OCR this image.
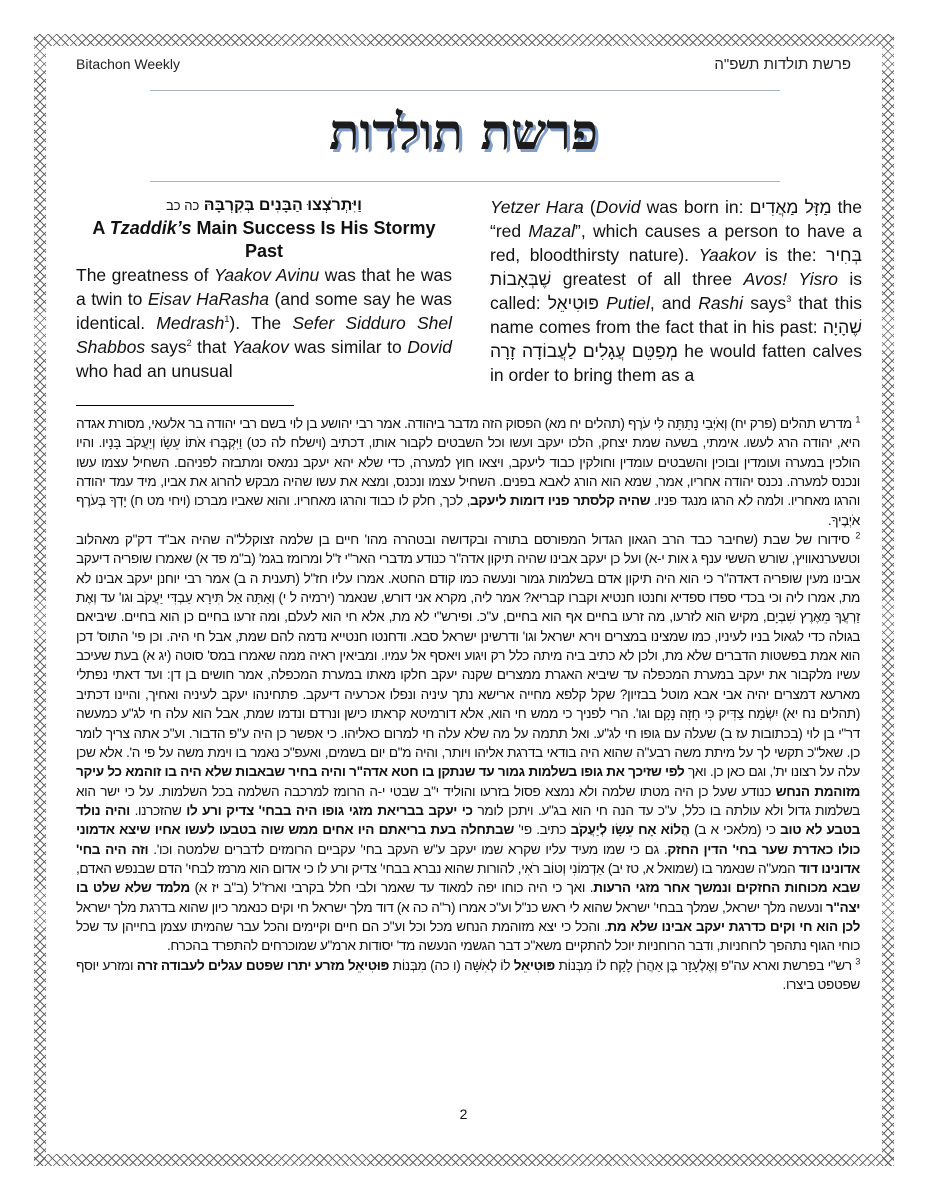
Bitachon Weekly	פרשת תולדות תשפ"ה
פרשת תולדות
וַיִּתְרֹצְצוּ הַבָּנִים בְּקִרְבָּהּ כה כב
A Tzaddik’s Main Success Is His Stormy Past
The greatness of Yaakov Avinu was that he was a twin to Eisav HaRasha (and some say he was identical. Medrash$^1$). The Sefer Sidduro Shel Shabbos says$^2$ that Yaakov was similar to Dovid who had an unusual
Yetzer Hara (Dovid was born in: מַזָּל מַאֲדִים the “red Mazal”, which causes a person to have a red, bloodthirsty nature). Yaakov is the: בְּחִיר שֶׁבְּאָבוֹת greatest of all three Avos! Yisro is called: פּוּטִיאֵל Putiel, and Rashi says$^3$ that this name comes from the fact that in his past: שֶׁהָיָה מְפַטֵּם עֲגָלִים לַעֲבוֹדָה זָרָה he would fatten calves in order to bring them as a

$^1$ מדרש תהלים (פרק יח) וְאֹיְבַי נָתַתָּה לִּי עֹרֶף (תהלים יח מא) הפסוק הזה מדבר ביהודה. אמר רבי יהושע בן לוי בשם רבי יהודה בר אלעאי, מסורת אגדה היא, יהודה הרג לעשו. אימתי, בשעה שמת יצחק, הלכו יעקב ועשו וכל השבטים לקבור אותו, דכתיב (וישלח לה כט) וַיִּקְבְּרוּ אֹתוֹ עֵשָׂו וְיַעֲקֹב בָּנָיו. והיו הולכין במערה ועומדין ובוכין והשבטים עומדין וחולקין כבוד ליעקב, ויצאו חוץ למערה, כדי שלא יהא יעקב נמאס ומתבזה לפניהם. השחיל עצמו עשו ונכנס למערה. נכנס יהודה אחריו, אמר, שמא הוא הורג לאבא בפנים. השחיל עצמו ונכנס, ומצא את עשו שהיה מבקש להרוג את אביו, מיד עמד יהודה והרגו מאחריו. ולמה לא הרגו מנגד פניו. שהיה קלסתר פניו דומות ליעקב, לכך, חלק לו כבוד והרגו מאחריו. והוא שאביו מברכו (ויחי מט ח) יָדְךָ בְּעֹרֶף אֹיְבֶיךָ.

$^2$ סידורו של שבת (שחיבר כבד הרב הגאון הגדול המפורסם בתורה ובקדושה ובטהרה מהו' חיים בן שלמה זצוקלל"ה שהיה אב"ד דק"ק מאהלוב וטשערנאוויץ, שורש הששי ענף ג אות י-א) ועל כן יעקב אבינו שהיה תיקון אדה"ר כנודע מדברי האר"י ז"ל ומרומז בגמ' (ב"מ פד א) שאמרו שופריה דיעקב אבינו מעין שופריה דאדה"ר כי הוא היה תיקון אדם בשלמות גמור ונעשה כמו קודם החטא. אמרו עליו חז"ל (תענית ה ב) אמר רבי יוחנן יעקב אבינו לא מת, אמרו ליה וכי בכדי ספדו ספדיא וחנטו חנטיא וקברו קבריא? אמר ליה, מקרא אני דורש, שנאמר (ירמיה ל י) וְאַתָּה אַל תִּירָא עַבְדִּי יַעֲקֹב וגו' עד וְאֶת זַרְעֲךָ מֵאֶרֶץ שִׁבְיָם, מקיש הוא לזרעו, מה זרעו בחיים אף הוא בחיים, ע"כ. ופירש"י לא מת, אלא חי הוא לעלם, ומה זרעו בחיים כן הוא בחיים. שיביאם בגולה כדי לגאול בניו לעיניו, כמו שמצינו במצרים וירא ישראל וגו' ודרשינן ישראל סבא. ודחנטו חנטייא נדמה להם שמת, אבל חי היה. וכן פי' התוס' דכן הוא אמת בפשטות הדברים שלא מת, ולכן לא כתיב ביה מיתה כלל רק ויגוע ויאסף אל עמיו. ומביאין ראיה ממה שאמרו במס' סוטה (יג א) בעת שעיכב עשיו מלקבור את יעקב במערת המכפלה עד שיביא האגרת ממצרים שקנה יעקב חלקו מאתו במערת המכפלה, אמר חושים בן דן: ועד דאתי נפתלי מארעא דמצרים יהיה אבי אבא מוטל בבזיון? שקל קלפא מחייה ארישא נתך עיניה ונפלו אכרעיה דיעקב. פתחינהו יעקב לעיניה ואחיך, והיינו דכתיב (תהלים נח יא) יִשְׂמַח צַדִּיק כִּי חָזָה נָקָם וגו'. הרי לפניך כי ממש חי הוא, אלא דורמיטא קראתו כישן ונרדם ונדמו שמת, אבל הוא עלה חי לג"ע כמעשה דר"י בן לוי (בכתובות עז ב) שעלה עם גופו חי לג"ע. ואל תתמה על מה שלא עלה חי למרום כאליהו. כי אפשר כן היה ע"פ הדבור. וע"כ אתה צריך לומר כן. שאל"כ תקשי לך על מיתת משה רבע"ה שהוא היה בודאי בדרגת אליהו ויותר, והיה מ"ם יום בשמים, ואעפ"כ נאמר בו וימת משה על פי ה'. אלא שכן עלה על רצונו ית', וגם כאן כן. ואך לפי שזיכך את גופו בשלמות גמור עד שנתקן בו חטא אדה"ר והיה בחיר שבאבות שלא היה בו זוהמא כל עיקר מזוהמת הנחש כנודע שעל כן היה מטתו שלמה ולא נמצא פסול בזרעו והוליד י"ב שבטי י-ה הרומז למרכבה השלמה בכל השלמות. על כי ישר הוא בשלמות גדול ולא עולתה בו כלל, ע"כ עד הנה חי הוא בג"ע. ויתכן לומר כי יעקב בבריאת מזגי גופו היה בבחי' צדיק ורע לו שהזכרנו. והיה נולד בטבע לא טוב כי (מלאכי א ב) הֲלוֹא אָח עֵשָׂו לְיַעֲקֹב כתיב. פי' שבתחלה בעת בריאתם היו אחים ממש שוה בטבעו לעשו אחיו שיצא אדמוני כולו כאדרת שער בחי' הדין החזק. גם כי שמו מעיד עליו שקרא שמו יעקב ע"ש העקב בחי' עקביים הרומזים לדברים שלמטה וכו'. וזה היה בחי' אדונינו דוד המע"ה שנאמר בו (שמואל א, טז יב) אַדְמוֹנִי וְטוֹב רֹאִי, להורות שהוא נברא בבחי' צדיק ורע לו כי אדום הוא מרמז לבחי' הדם שבנפש האדם, שבא מכוחות החזקים ונמשך אחר מזגי הרעות. ואך כי היה כוחו יפה למאוד עד שאמר ולבי חלל בקרבי וארז"ל (ב"ב יז א) מלמד שלא שלט בו יצה"ר ונעשה מלך ישראל, שמלך בבחי' ישראל שהוא לי ראש כנ"ל וע"כ אמרו (ר"ה כה א) דוד מלך ישראל חי וקים כנאמר כיון שהוא בדרגת מלך ישראל לכן הוא חי וקים כדרגת יעקב אבינו שלא מת. והכל כי יצא מזוהמת הנחש מכל וכל וע"כ הם חיים וקיימים והכל עבר שהמיתו עצמן בחייהן עד שכל כוחי הגוף נתהפך לרוחניות, ודבר הרוחניות יוכל להתקיים משא"כ דבר הגשמי הנעשה מד' יסודות ארמ"ע שמוכרחים להתפרד בהכרח.

$^3$ רש"י בפרשת וארא עה"פ וְאֶלְעָזָר בֶּן אַהֲרֹן לָקַח לוֹ מִבְּנוֹת פּוּטִיאֵל לוֹ לְאִשָּׁה (ו כה) מִבְּנוֹת פּוּטִיאֵל מזרע יתרו שפטם עגלים לעבודה זרה ומזרע יוסף שפטפט ביצרו.

2
